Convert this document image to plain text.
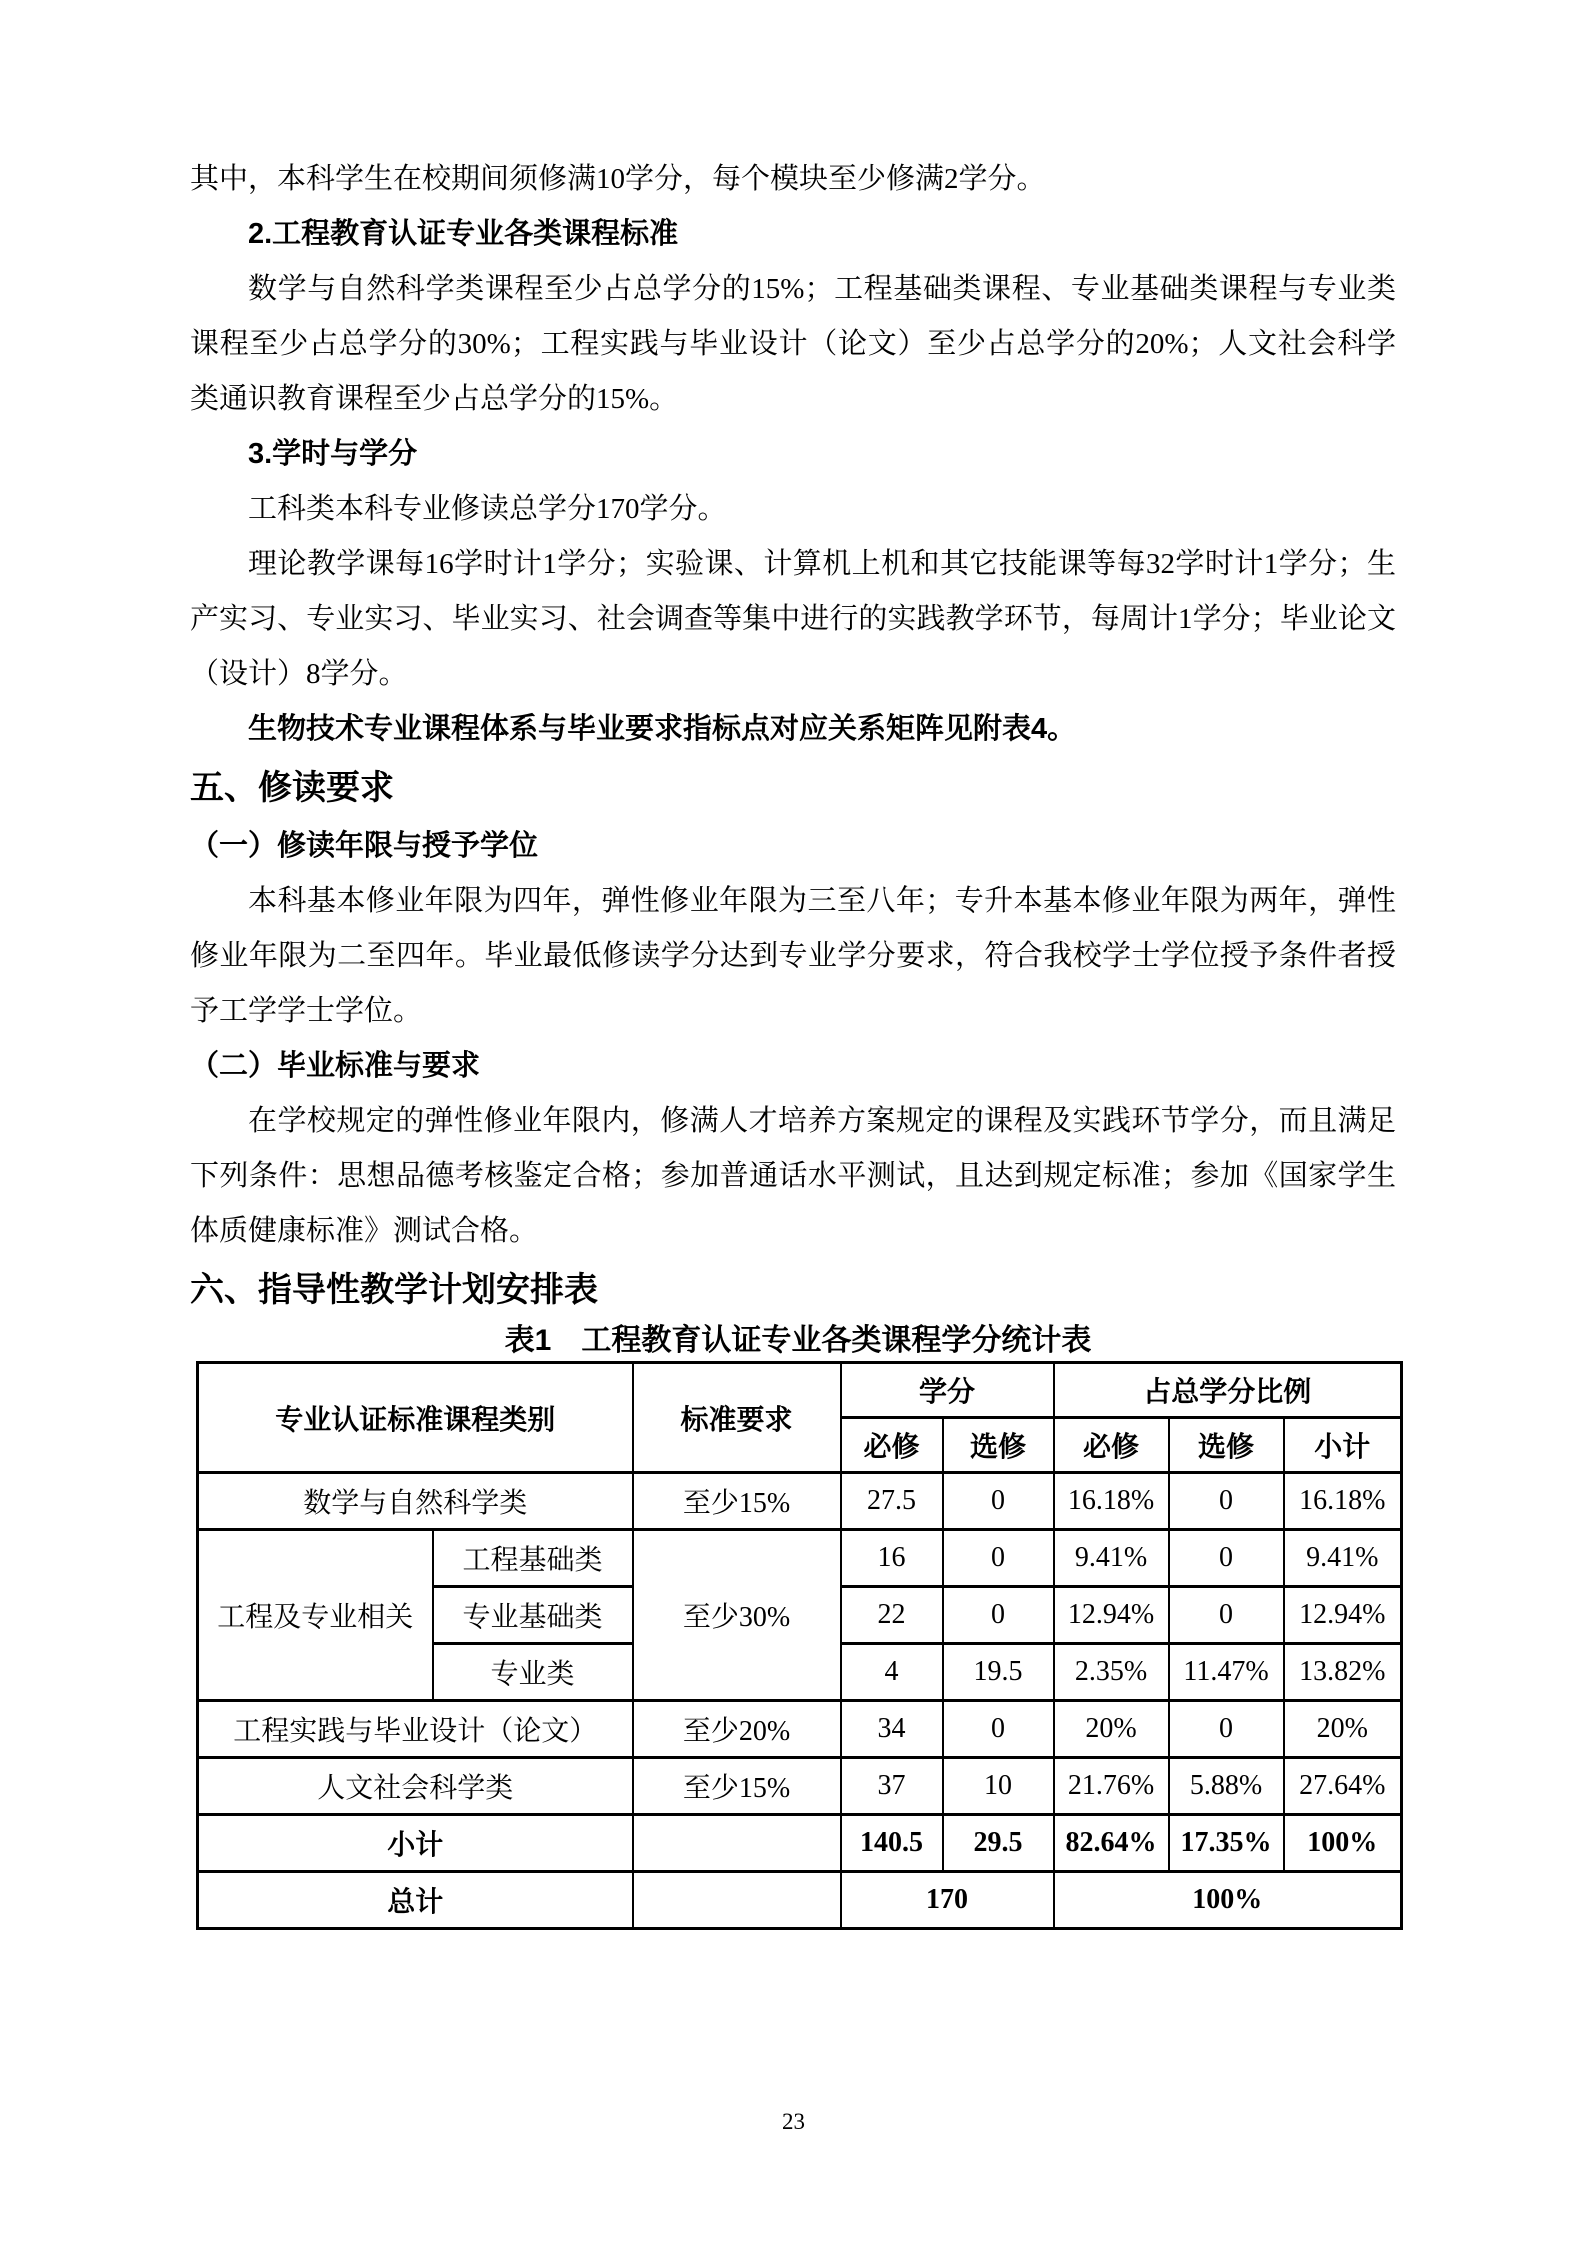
其中，本科学生在校期间须修满10学分，每个模块至少修满2学分。

2.工程教育认证专业各类课程标准

数学与自然科学类课程至少占总学分的15%；工程基础类课程、专业基础类课程与专业类课程至少占总学分的30%；工程实践与毕业设计（论文）至少占总学分的20%；人文社会科学类通识教育课程至少占总学分的15%。

3.学时与学分

工科类本科专业修读总学分170学分。

理论教学课每16学时计1学分；实验课、计算机上机和其它技能课等每32学时计1学分；生产实习、专业实习、毕业实习、社会调查等集中进行的实践教学环节，每周计1学分；毕业论文（设计）8学分。

生物技术专业课程体系与毕业要求指标点对应关系矩阵见附表4。

五、修读要求

（一）修读年限与授予学位

本科基本修业年限为四年，弹性修业年限为三至八年；专升本基本修业年限为两年，弹性修业年限为二至四年。毕业最低修读学分达到专业学分要求，符合我校学士学位授予条件者授予工学学士学位。

（二）毕业标准与要求

在学校规定的弹性修业年限内，修满人才培养方案规定的课程及实践环节学分，而且满足下列条件：思想品德考核鉴定合格；参加普通话水平测试，且达到规定标准；参加《国家学生体质健康标准》测试合格。

六、指导性教学计划安排表

表1　工程教育认证专业各类课程学分统计表
专业认证标准课程类别		标准要求	学分		占总学分比例		
			必修	选修	必修	选修	小计
数学与自然科学类		至少15%	27.5	0	16.18%	0	16.18%
工程及专业相关	工程基础类	至少30%	16	0	9.41%	0	9.41%
	专业基础类		22	0	12.94%	0	12.94%
	专业类		4	19.5	2.35%	11.47%	13.82%
工程实践与毕业设计（论文）		至少20%	34	0	20%	0	20%
人文社会科学类		至少15%	37	10	21.76%	5.88%	27.64%
小计			140.5	29.5	82.64%	17.35%	100%
总计			170		100%		
23
